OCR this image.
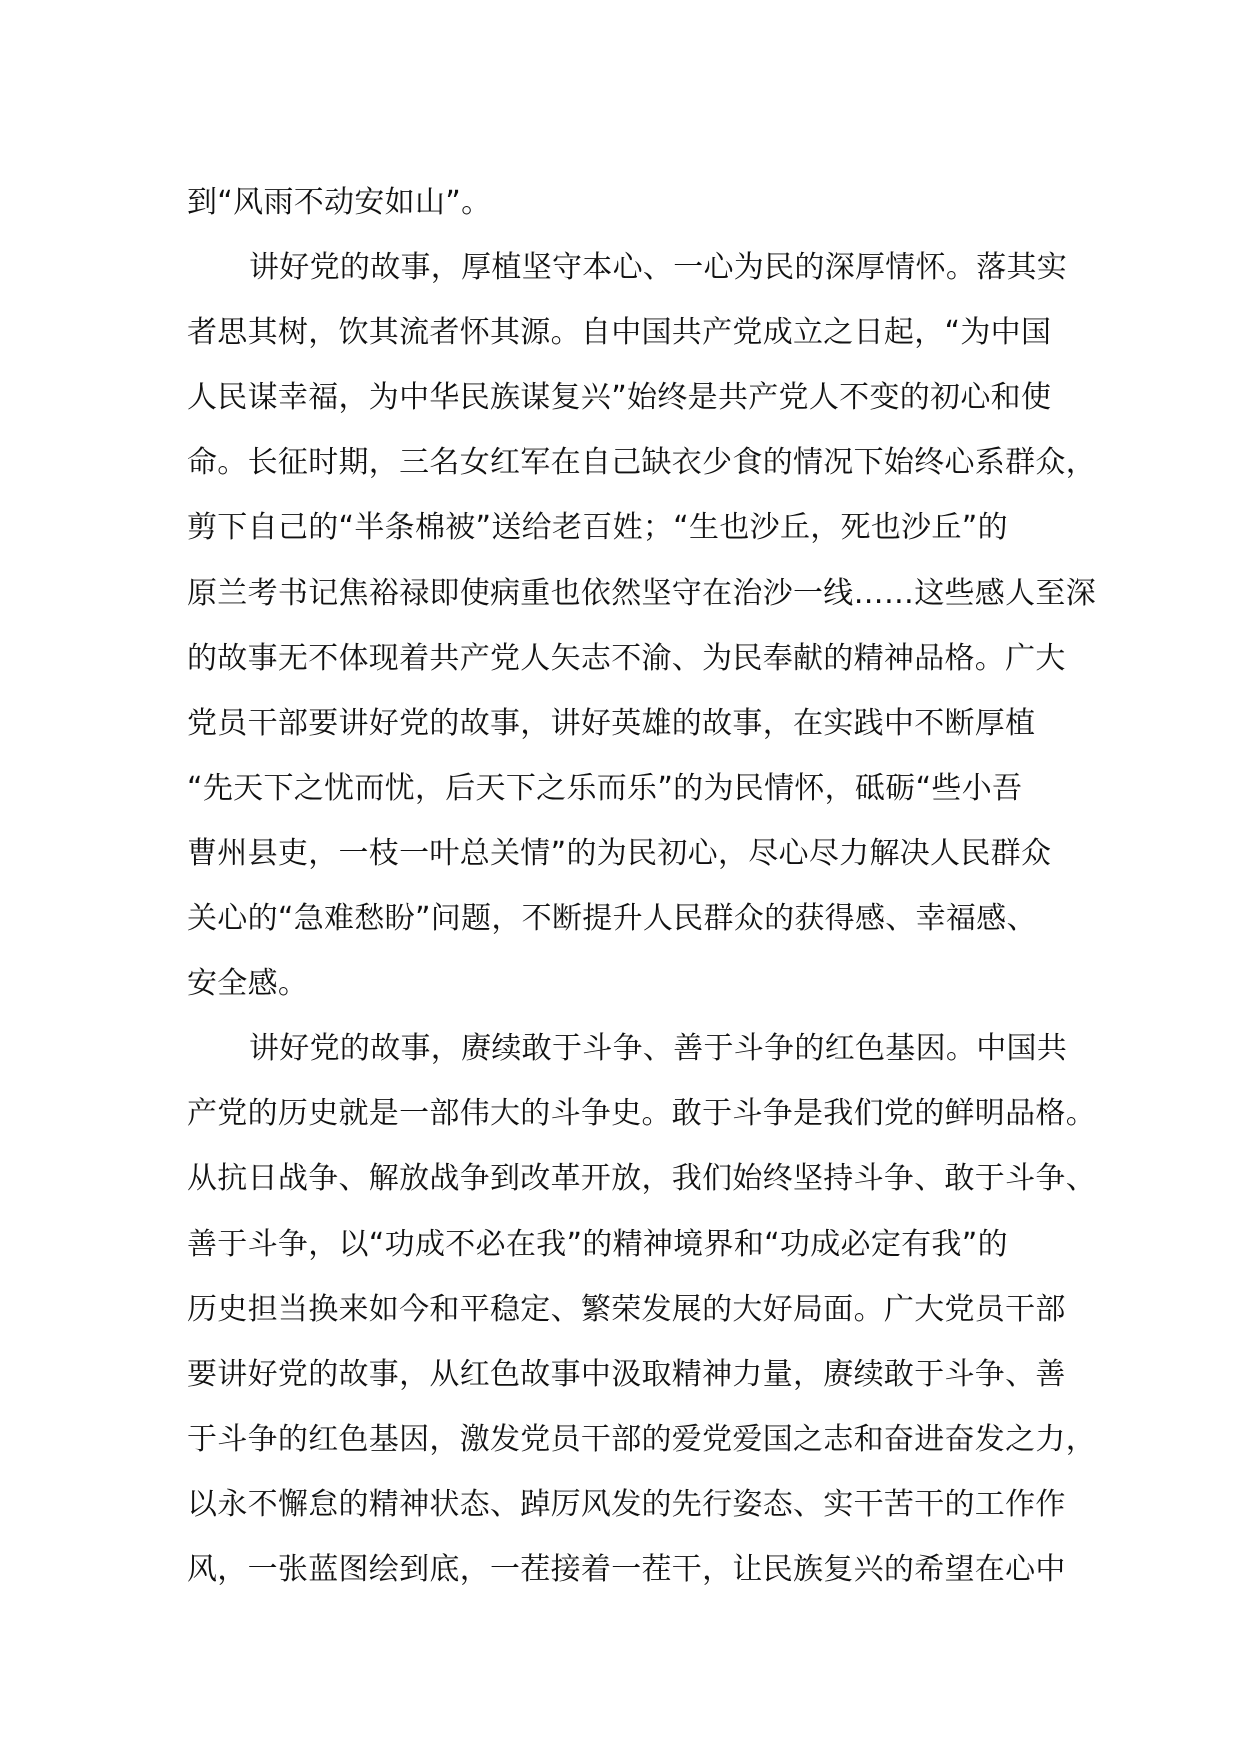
到“风雨不动安如山”。
讲好党的故事，厚植坚守本心、一心为民的深厚情怀。落其实
者思其树，饮其流者怀其源。自中国共产党成立之日起，“为中国
人民谋幸福，为中华民族谋复兴”始终是共产党人不变的初心和使
命。长征时期，三名女红军在自己缺衣少食的情况下始终心系群众，
剪下自己的“半条棉被”送给老百姓；“生也沙丘，死也沙丘”的
原兰考书记焦裕禄即使病重也依然坚守在治沙一线……这些感人至深
的故事无不体现着共产党人矢志不渝、为民奉献的精神品格。广大
党员干部要讲好党的故事，讲好英雄的故事，在实践中不断厚植
“先天下之忧而忧，后天下之乐而乐”的为民情怀，砥砺“些小吾
曹州县吏，一枝一叶总关情”的为民初心，尽心尽力解决人民群众
关心的“急难愁盼”问题，不断提升人民群众的获得感、幸福感、
安全感。
讲好党的故事，赓续敢于斗争、善于斗争的红色基因。中国共
产党的历史就是一部伟大的斗争史。敢于斗争是我们党的鲜明品格。
从抗日战争、解放战争到改革开放，我们始终坚持斗争、敢于斗争、
善于斗争，以“功成不必在我”的精神境界和“功成必定有我”的
历史担当换来如今和平稳定、繁荣发展的大好局面。广大党员干部
要讲好党的故事，从红色故事中汲取精神力量，赓续敢于斗争、善
于斗争的红色基因，激发党员干部的爱党爱国之志和奋进奋发之力，
以永不懈怠的精神状态、踔厉风发的先行姿态、实干苦干的工作作
风，一张蓝图绘到底，一茬接着一茬干，让民族复兴的希望在心中
